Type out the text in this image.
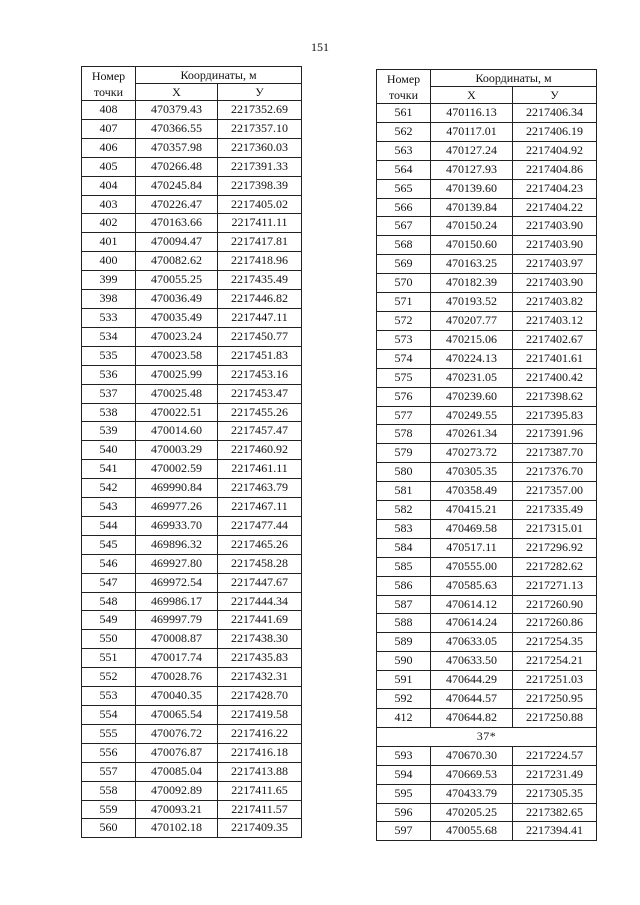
151
Номер
точки	Координаты, м	
	X	У
408	470379.43	2217352.69
407	470366.55	2217357.10
406	470357.98	2217360.03
405	470266.48	2217391.33
404	470245.84	2217398.39
403	470226.47	2217405.02
402	470163.66	2217411.11
401	470094.47	2217417.81
400	470082.62	2217418.96
399	470055.25	2217435.49
398	470036.49	2217446.82
533	470035.49	2217447.11
534	470023.24	2217450.77
535	470023.58	2217451.83
536	470025.99	2217453.16
537	470025.48	2217453.47
538	470022.51	2217455.26
539	470014.60	2217457.47
540	470003.29	2217460.92
541	470002.59	2217461.11
542	469990.84	2217463.79
543	469977.26	2217467.11
544	469933.70	2217477.44
545	469896.32	2217465.26
546	469927.80	2217458.28
547	469972.54	2217447.67
548	469986.17	2217444.34
549	469997.79	2217441.69
550	470008.87	2217438.30
551	470017.74	2217435.83
552	470028.76	2217432.31
553	470040.35	2217428.70
554	470065.54	2217419.58
555	470076.72	2217416.22
556	470076.87	2217416.18
557	470085.04	2217413.88
558	470092.89	2217411.65
559	470093.21	2217411.57
560	470102.18	2217409.35
Номер
точки	Координаты, м	
	X	У
561	470116.13	2217406.34
562	470117.01	2217406.19
563	470127.24	2217404.92
564	470127.93	2217404.86
565	470139.60	2217404.23
566	470139.84	2217404.22
567	470150.24	2217403.90
568	470150.60	2217403.90
569	470163.25	2217403.97
570	470182.39	2217403.90
571	470193.52	2217403.82
572	470207.77	2217403.12
573	470215.06	2217402.67
574	470224.13	2217401.61
575	470231.05	2217400.42
576	470239.60	2217398.62
577	470249.55	2217395.83
578	470261.34	2217391.96
579	470273.72	2217387.70
580	470305.35	2217376.70
581	470358.49	2217357.00
582	470415.21	2217335.49
583	470469.58	2217315.01
584	470517.11	2217296.92
585	470555.00	2217282.62
586	470585.63	2217271.13
587	470614.12	2217260.90
588	470614.24	2217260.86
589	470633.05	2217254.35
590	470633.50	2217254.21
591	470644.29	2217251.03
592	470644.57	2217250.95
412	470644.82	2217250.88
37*		
593	470670.30	2217224.57
594	470669.53	2217231.49
595	470433.79	2217305.35
596	470205.25	2217382.65
597	470055.68	2217394.41
